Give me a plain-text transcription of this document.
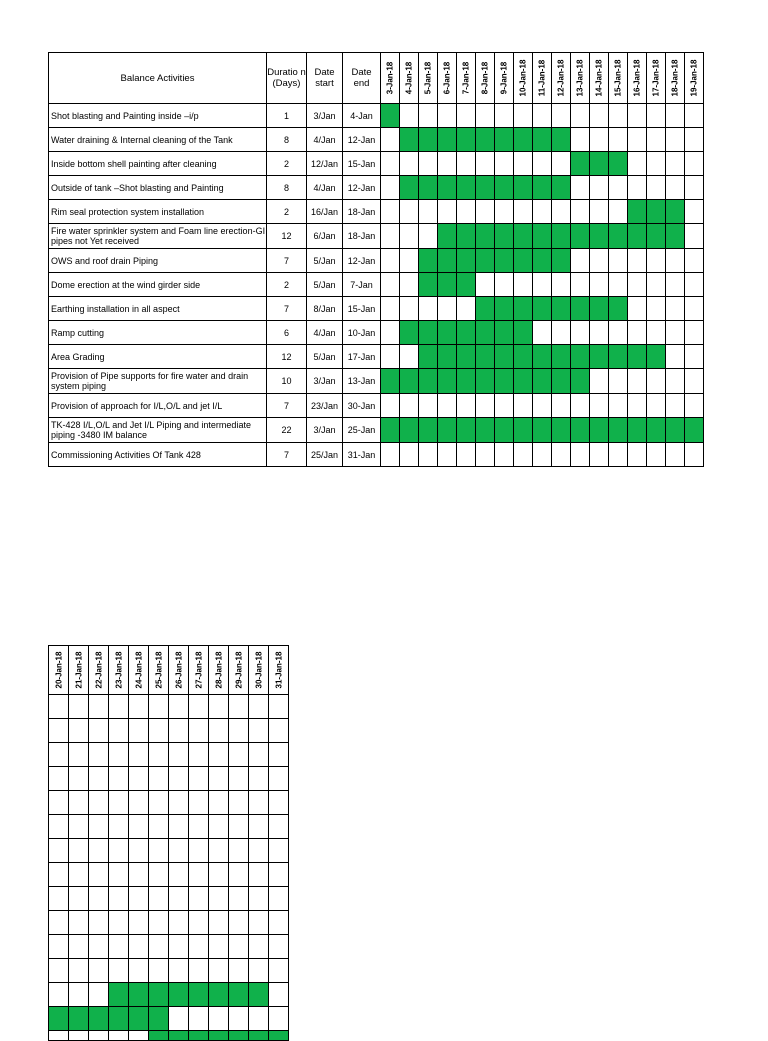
Balance Activities	Duratio n (Days)	Date start	Date end	3-Jan-18	4-Jan-18	5-Jan-18	6-Jan-18	7-Jan-18	8-Jan-18	9-Jan-18	10-Jan-18	11-Jan-18	12-Jan-18	13-Jan-18	14-Jan-18	15-Jan-18	16-Jan-18	17-Jan-18	18-Jan-18	19-Jan-18

Shot blasting and Painting inside –i/p	1	3/Jan	4-Jan																	
Water draining & Internal cleaning of the Tank	8	4/Jan	12-Jan																	
Inside bottom shell painting after cleaning	2	12/Jan	15-Jan																	
Outside of tank –Shot blasting and Painting	8	4/Jan	12-Jan																	
Rim seal protection system installation	2	16/Jan	18-Jan																	
Fire water sprinkler system and Foam line erection-GI pipes not Yet received	12	6/Jan	18-Jan																	
OWS and roof drain Piping	7	5/Jan	12-Jan																	
Dome erection at the wind girder side	2	5/Jan	7-Jan																	
Earthing installation in all aspect	7	8/Jan	15-Jan																	
Ramp cutting	6	4/Jan	10-Jan																	
Area Grading	12	5/Jan	17-Jan																	
Provision of Pipe supports for fire water and drain system piping	10	3/Jan	13-Jan																	
Provision of approach for I/L,O/L and jet I/L	7	23/Jan	30-Jan																	
TK-428 I/L,O/L and Jet I/L Piping and intermediate piping -3480 IM balance	22	3/Jan	25-Jan																	
Commissioning Activities Of Tank 428	7	25/Jan	31-Jan																	
20-Jan-18	21-Jan-18	22-Jan-18	23-Jan-18	24-Jan-18	25-Jan-18	26-Jan-18	27-Jan-18	28-Jan-18	29-Jan-18	30-Jan-18	31-Jan-18
